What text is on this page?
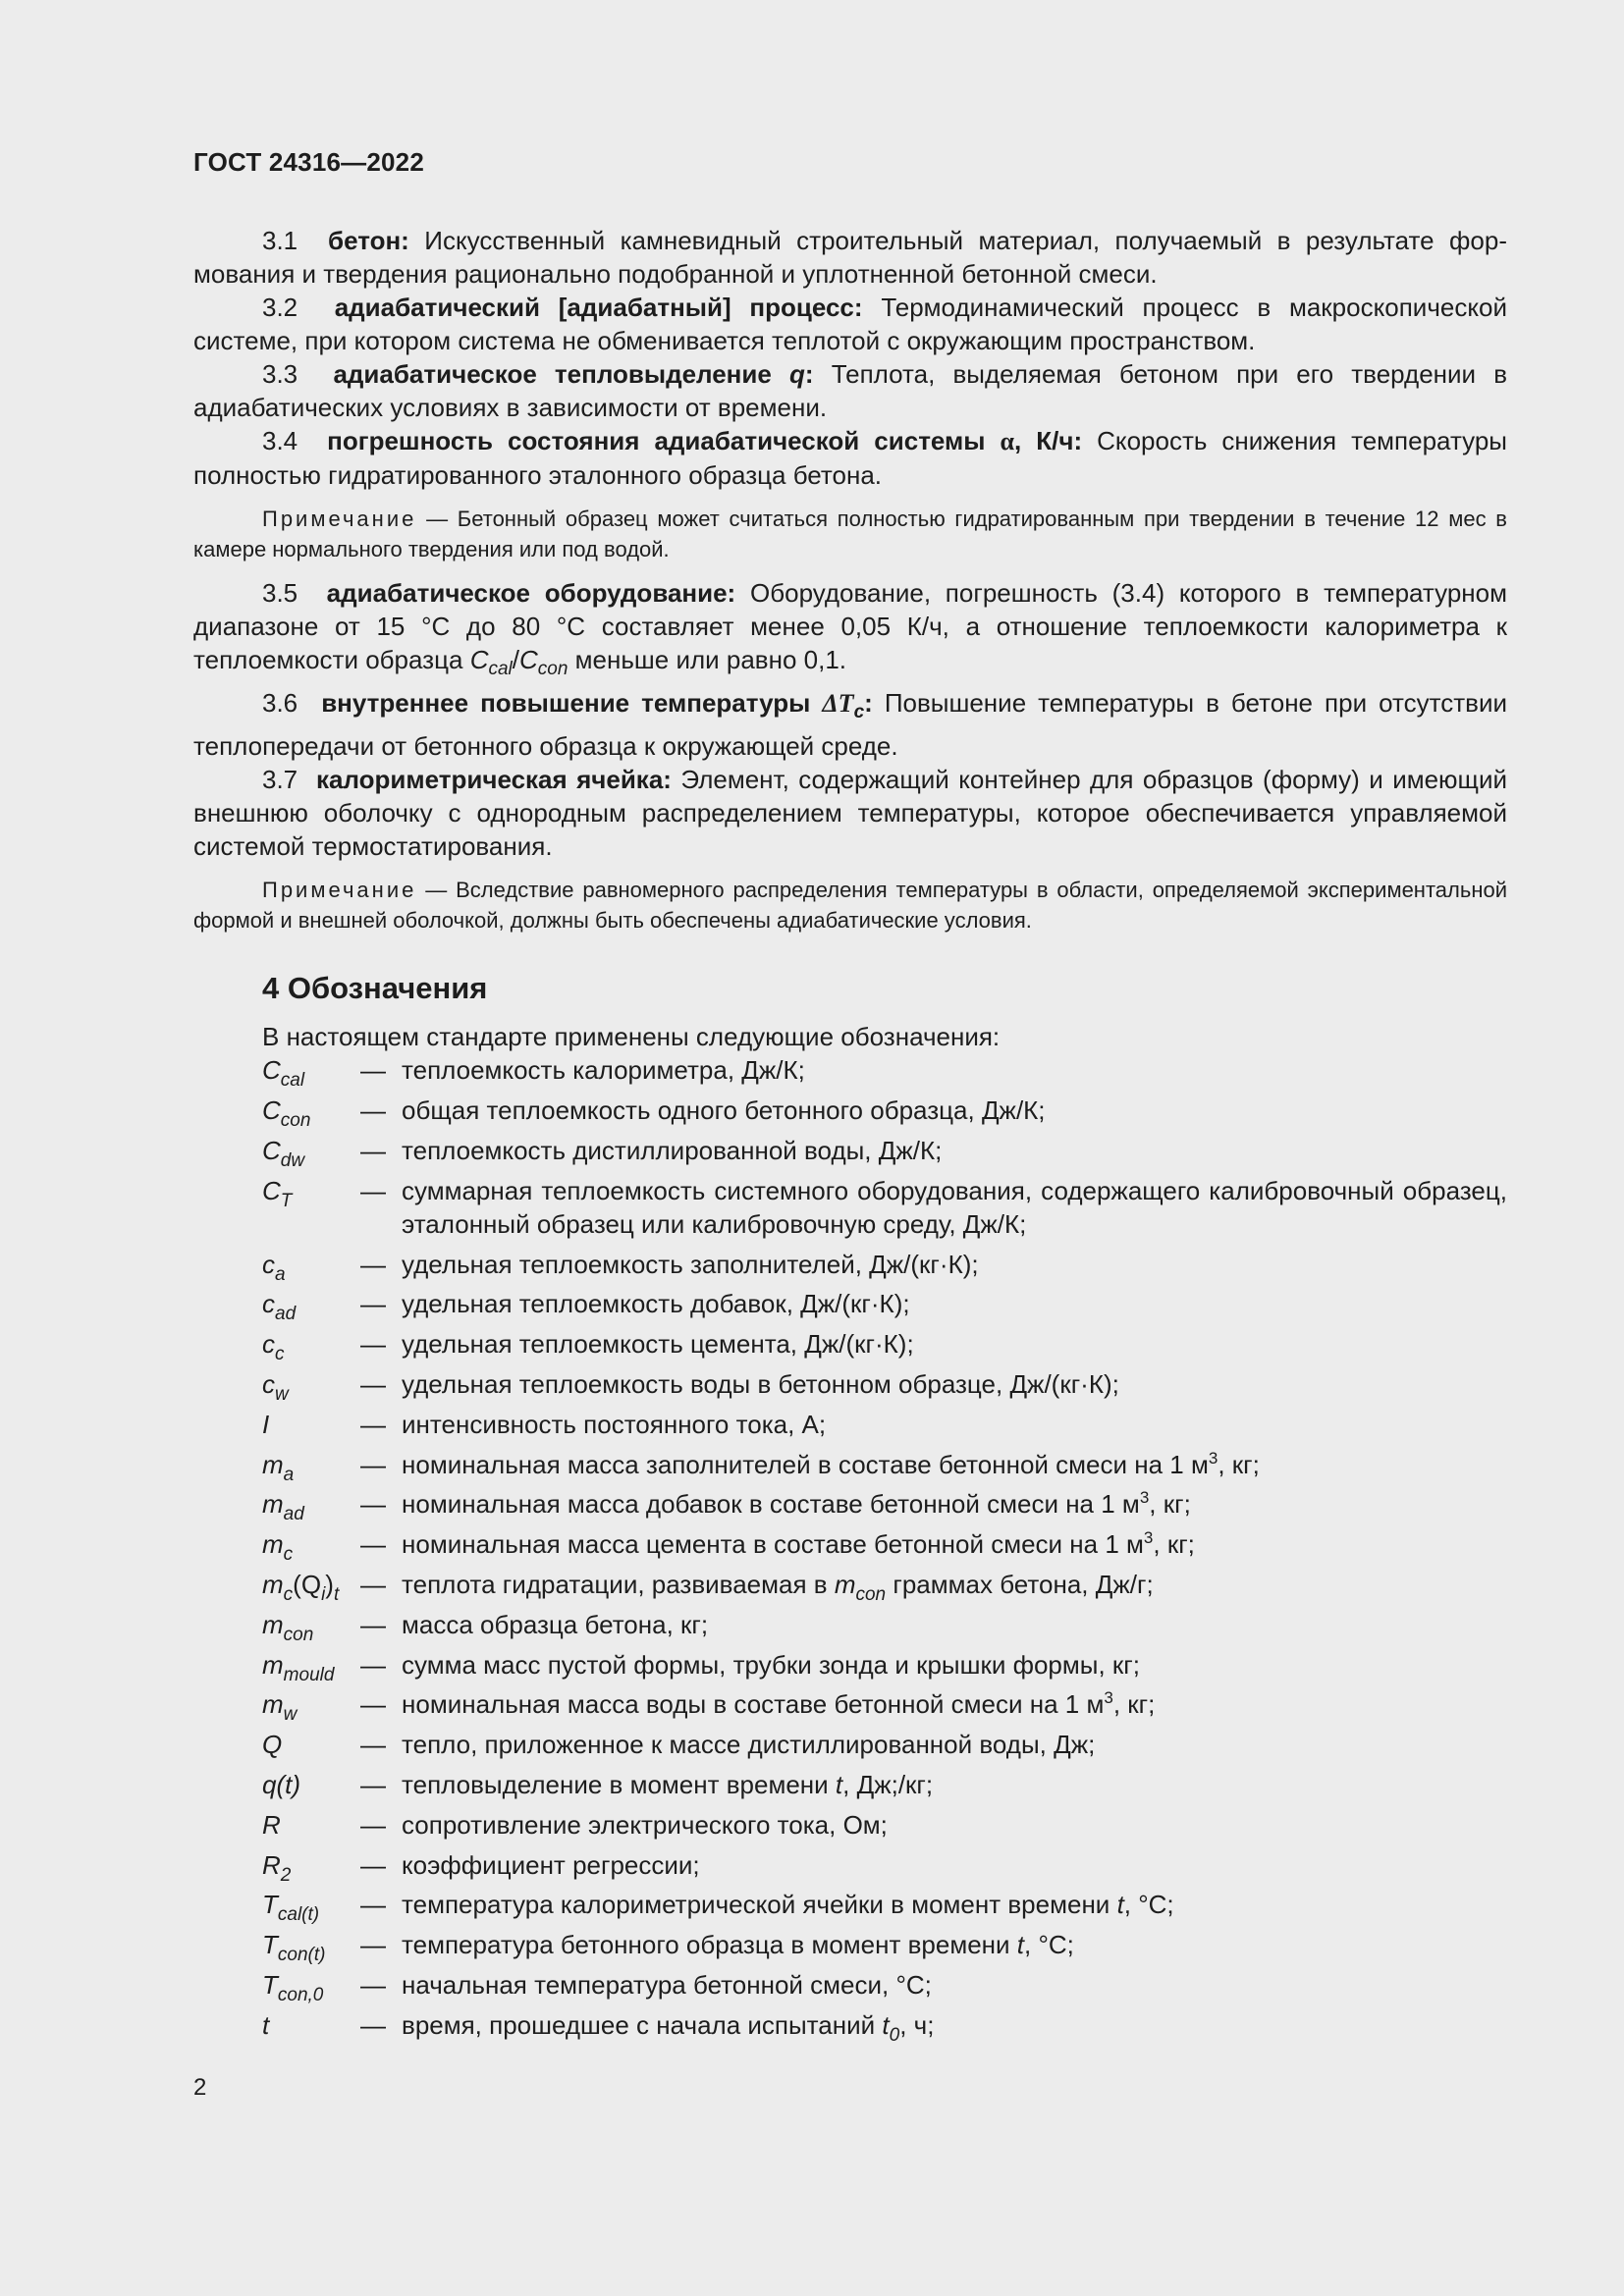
ГОСТ 24316—2022

3.1 бетон: Искусственный камневидный строительный материал, получаемый в результате формования и твердения рационально подобранной и уплотненной бетонной смеси.

3.2 адиабатический [адиабатный] процесс: Термодинамический процесс в макроскопической системе, при котором система не обменивается теплотой с окружающим пространством.

3.3 адиабатическое тепловыделение q: Теплота, выделяемая бетоном при его твердении в адиабатических условиях в зависимости от времени.

3.4 погрешность состояния адиабатической системы α, К/ч: Скорость снижения температуры полностью гидратированного эталонного образца бетона.

Примечание — Бетонный образец может считаться полностью гидратированным при твердении в течение 12 мес в камере нормального твердения или под водой.

3.5 адиабатическое оборудование: Оборудование, погрешность (3.4) которого в температурном диапазоне от 15 °С до 80 °С составляет менее 0,05 К/ч, а отношение теплоемкости калориметра к теплоемкости образца $C_{cal}/C_{con}$ меньше или равно 0,1.

3.6 внутреннее повышение температуры $\Delta T_c$: Повышение температуры в бетоне при отсутствии теплопередачи от бетонного образца к окружающей среде.

3.7 калориметрическая ячейка: Элемент, содержащий контейнер для образцов (форму) и имеющий внешнюю оболочку с однородным распределением температуры, которое обеспечивается управляемой системой термостатирования.

Примечание — Вследствие равномерного распределения температуры в области, определяемой экспериментальной формой и внешней оболочкой, должны быть обеспечены адиабатические условия.

4 Обозначения

В настоящем стандарте применены следующие обозначения:

$C_{cal}$	— теплоемкость калориметра, Дж/К;
$C_{con}$	— общая теплоемкость одного бетонного образца, Дж/К;
$C_{dw}$	— теплоемкость дистиллированной воды, Дж/К;
$C_T$	— суммарная теплоемкость системного оборудования, содержащего калибровочный образец, эталонный образец или калибровочную среду, Дж/К;
$c_a$	— удельная теплоемкость заполнителей, Дж/(кг·К);
$c_{ad}$	— удельная теплоемкость добавок, Дж/(кг·К);
$c_c$	— удельная теплоемкость цемента, Дж/(кг·К);
$c_w$	— удельная теплоемкость воды в бетонном образце, Дж/(кг·К);
I	— интенсивность постоянного тока, А;
$m_a$	— номинальная масса заполнителей в составе бетонной смеси на 1 $м^3$, кг;
$m_{ad}$	— номинальная масса добавок в составе бетонной смеси на 1 $м^3$, кг;
$m_c$	— номинальная масса цемента в составе бетонной смеси на 1 $м^3$, кг;
$m_c(Q_i)_t$ — теплота гидратации, развиваемая в $m_{con}$ граммах бетона, Дж/г;
$m_{con}$	— масса образца бетона, кг;
$m_{mould}$	— сумма масс пустой формы, трубки зонда и крышки формы, кг;
$m_w$	— номинальная масса воды в составе бетонной смеси на 1 $м^3$, кг;
Q	— тепло, приложенное к массе дистиллированной воды, Дж;
q(t)	— тепловыделение в момент времени t, Дж;/кг;
R	— сопротивление электрического тока, Ом;
$R_2$	— коэффициент регрессии;
$T_{cal(t)}$	— температура калориметрической ячейки в момент времени t, °С;
$T_{con(t)}$	— температура бетонного образца в момент времени t, °С;
$T_{con,0}$	— начальная температура бетонной смеси, °С;
t	— время, прошедшее с начала испытаний $t_0$, ч;
2
